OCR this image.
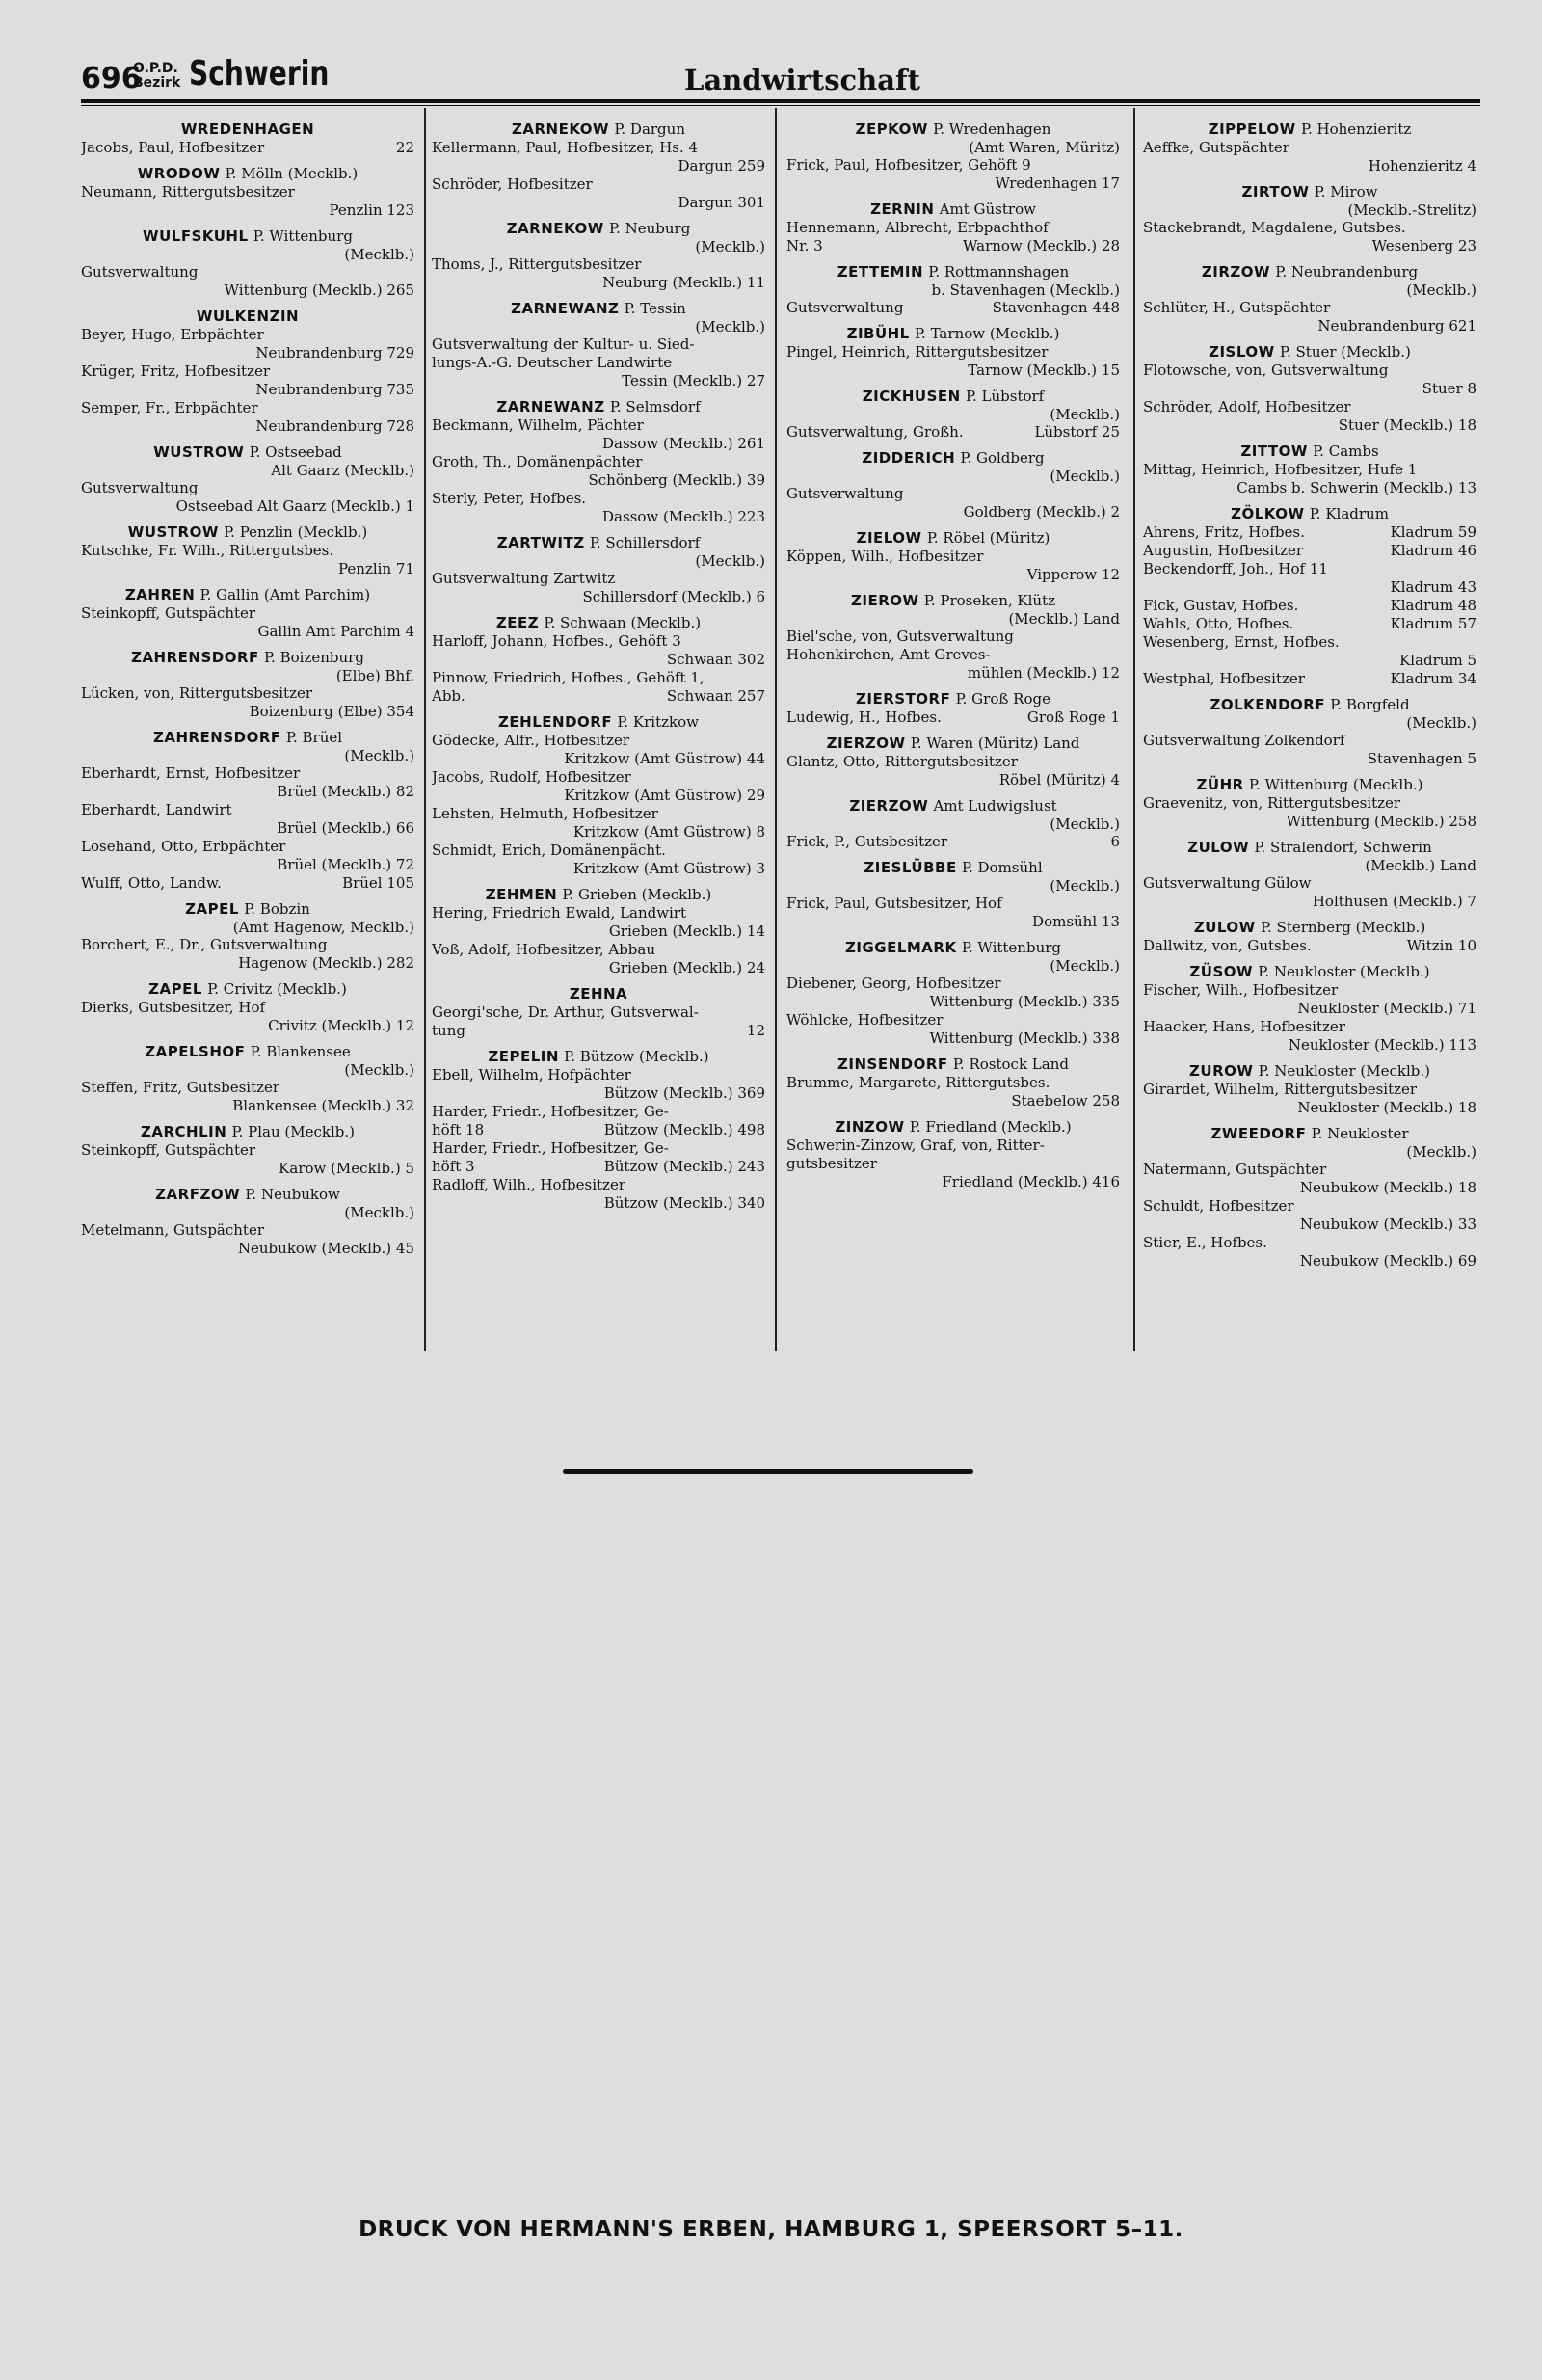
696
O.P.D.
Bezirk Schwerin	Landwirtschaft
WREDENHAGEN
Jacobs, Paul, Hofbesitzer	22
WRODOW P. Mölln (Mecklb.)
Neumann, Rittergutsbesitzer
Penzlin 123
WULFSKUHL P. Wittenburg
(Mecklb.)
Gutsverwaltung
Wittenburg (Mecklb.) 265
WULKENZIN
Beyer, Hugo, Erbpächter
Neubrandenburg 729
Krüger, Fritz, Hofbesitzer
Neubrandenburg 735
Semper, Fr., Erbpächter
Neubrandenburg 728
WUSTROW P. Ostseebad
Alt Gaarz (Mecklb.)
Gutsverwaltung
Ostseebad Alt Gaarz (Mecklb.) 1
WUSTROW P. Penzlin (Mecklb.)
Kutschke, Fr. Wilh., Rittergutsbes.
Penzlin 71
ZAHREN P. Gallin (Amt Parchim)
Steinkopff, Gutspächter
Gallin Amt Parchim 4
ZAHRENSDORF P. Boizenburg
(Elbe) Bhf.
Lücken, von, Rittergutsbesitzer
Boizenburg (Elbe) 354
ZAHRENSDORF P. Brüel
(Mecklb.)
Eberhardt, Ernst, Hofbesitzer
Brüel (Mecklb.) 82
Eberhardt, Landwirt
Brüel (Mecklb.) 66
Losehand, Otto, Erbpächter
Brüel (Mecklb.) 72
Wulff, Otto, Landw.	Brüel 105
ZAPEL P. Bobzin
(Amt Hagenow, Mecklb.)
Borchert, E., Dr., Gutsverwaltung
Hagenow (Mecklb.) 282
ZAPEL P. Crivitz (Mecklb.)
Dierks, Gutsbesitzer, Hof
Crivitz (Mecklb.) 12
ZAPELSHOF P. Blankensee
(Mecklb.)
Steffen, Fritz, Gutsbesitzer
Blankensee (Mecklb.) 32
ZARCHLIN P. Plau (Mecklb.)
Steinkopff, Gutspächter
Karow (Mecklb.) 5
ZARFZOW P. Neubukow
(Mecklb.)
Metelmann, Gutspächter
Neubukow (Mecklb.) 45
ZARNEKOW P. Dargun
Kellermann, Paul, Hofbesitzer, Hs. 4
Dargun 259
Schröder, Hofbesitzer
Dargun 301
ZARNEKOW P. Neuburg
(Mecklb.)
Thoms, J., Rittergutsbesitzer
Neuburg (Mecklb.) 11
ZARNEWANZ P. Tessin
(Mecklb.)
Gutsverwaltung der Kultur- u. Sied-
lungs-A.-G. Deutscher Landwirte
Tessin (Mecklb.) 27
ZARNEWANZ P. Selmsdorf
Beckmann, Wilhelm, Pächter
Dassow (Mecklb.) 261
Groth, Th., Domänenpächter
Schönberg (Mecklb.) 39
Sterly, Peter, Hofbes.
Dassow (Mecklb.) 223
ZARTWITZ P. Schillersdorf
(Mecklb.)
Gutsverwaltung Zartwitz
Schillersdorf (Mecklb.) 6
ZEEZ P. Schwaan (Mecklb.)
Harloff, Johann, Hofbes., Gehöft 3
Schwaan 302
Pinnow, Friedrich, Hofbes., Gehöft 1,
Abb.	Schwaan 257
ZEHLENDORF P. Kritzkow
Gödecke, Alfr., Hofbesitzer
Kritzkow (Amt Güstrow) 44
Jacobs, Rudolf, Hofbesitzer
Kritzkow (Amt Güstrow) 29
Lehsten, Helmuth, Hofbesitzer
Kritzkow (Amt Güstrow) 8
Schmidt, Erich, Domänenpächt.
Kritzkow (Amt Güstrow) 3
ZEHMEN P. Grieben (Mecklb.)
Hering, Friedrich Ewald, Landwirt
Grieben (Mecklb.) 14
Voß, Adolf, Hofbesitzer, Abbau
Grieben (Mecklb.) 24
ZEHNA
Georgi'sche, Dr. Arthur, Gutsverwal-
tung	12
ZEPELIN P. Bützow (Mecklb.)
Ebell, Wilhelm, Hofpächter
Bützow (Mecklb.) 369
Harder, Friedr., Hofbesitzer, Ge-
höft 18	Bützow (Mecklb.) 498
Harder, Friedr., Hofbesitzer, Ge-
höft 3	Bützow (Mecklb.) 243
Radloff, Wilh., Hofbesitzer
Bützow (Mecklb.) 340
ZEPKOW P. Wredenhagen
(Amt Waren, Müritz)
Frick, Paul, Hofbesitzer, Gehöft 9
Wredenhagen 17
ZERNIN Amt Güstrow
Hennemann, Albrecht, Erbpachthof
Nr. 3	Warnow (Mecklb.) 28
ZETTEMIN P. Rottmannshagen
b. Stavenhagen (Mecklb.)
Gutsverwaltung	Stavenhagen 448
ZIBÜHL P. Tarnow (Mecklb.)
Pingel, Heinrich, Rittergutsbesitzer
Tarnow (Mecklb.) 15
ZICKHUSEN P. Lübstorf
(Mecklb.)
Gutsverwaltung, Großh.	Lübstorf 25
ZIDDERICH P. Goldberg
(Mecklb.)
Gutsverwaltung
Goldberg (Mecklb.) 2
ZIELOW P. Röbel (Müritz)
Köppen, Wilh., Hofbesitzer
Vipperow 12
ZIEROW P. Proseken, Klütz
(Mecklb.) Land
Biel'sche, von, Gutsverwaltung
Hohenkirchen, Amt Greves-
mühlen (Mecklb.) 12
ZIERSTORF P. Groß Roge
Ludewig, H., Hofbes.	Groß Roge 1
ZIERZOW P. Waren (Müritz) Land
Glantz, Otto, Rittergutsbesitzer
Röbel (Müritz) 4
ZIERZOW Amt Ludwigslust
(Mecklb.)
Frick, P., Gutsbesitzer	6
ZIESLÜBBE P. Domsühl
(Mecklb.)
Frick, Paul, Gutsbesitzer, Hof
Domsühl 13
ZIGGELMARK P. Wittenburg
(Mecklb.)
Diebener, Georg, Hofbesitzer
Wittenburg (Mecklb.) 335
Wöhlcke, Hofbesitzer
Wittenburg (Mecklb.) 338
ZINSENDORF P. Rostock Land
Brumme, Margarete, Rittergutsbes.
Staebelow 258
ZINZOW P. Friedland (Mecklb.)
Schwerin-Zinzow, Graf, von, Ritter-
gutsbesitzer
Friedland (Mecklb.) 416
ZIPPELOW P. Hohenzieritz
Aeffke, Gutspächter
Hohenzieritz 4
ZIRTOW P. Mirow
(Mecklb.-Strelitz)
Stackebrandt, Magdalene, Gutsbes.
Wesenberg 23
ZIRZOW P. Neubrandenburg
(Mecklb.)
Schlüter, H., Gutspächter
Neubrandenburg 621
ZISLOW P. Stuer (Mecklb.)
Flotowsche, von, Gutsverwaltung
Stuer 8
Schröder, Adolf, Hofbesitzer
Stuer (Mecklb.) 18
ZITTOW P. Cambs
Mittag, Heinrich, Hofbesitzer, Hufe 1
Cambs b. Schwerin (Mecklb.) 13
ZÖLKOW P. Kladrum
Ahrens, Fritz, Hofbes.	Kladrum 59
Augustin, Hofbesitzer	Kladrum 46
Beckendorff, Joh., Hof 11
Kladrum 43
Fick, Gustav, Hofbes.	Kladrum 48
Wahls, Otto, Hofbes.	Kladrum 57
Wesenberg, Ernst, Hofbes.
Kladrum 5
Westphal, Hofbesitzer	Kladrum 34
ZOLKENDORF P. Borgfeld
(Mecklb.)
Gutsverwaltung Zolkendorf
Stavenhagen 5
ZÜHR P. Wittenburg (Mecklb.)
Graevenitz, von, Rittergutsbesitzer
Wittenburg (Mecklb.) 258
ZULOW P. Stralendorf, Schwerin
(Mecklb.) Land
Gutsverwaltung Gülow
Holthusen (Mecklb.) 7
ZULOW P. Sternberg (Mecklb.)
Dallwitz, von, Gutsbes.	Witzin 10
ZÜSOW P. Neukloster (Mecklb.)
Fischer, Wilh., Hofbesitzer
Neukloster (Mecklb.) 71
Haacker, Hans, Hofbesitzer
Neukloster (Mecklb.) 113
ZUROW P. Neukloster (Mecklb.)
Girardet, Wilhelm, Rittergutsbesitzer
Neukloster (Mecklb.) 18
ZWEEDORF P. Neukloster
(Mecklb.)
Natermann, Gutspächter
Neubukow (Mecklb.) 18
Schuldt, Hofbesitzer
Neubukow (Mecklb.) 33
Stier, E., Hofbes.
Neubukow (Mecklb.) 69
DRUCK VON HERMANN'S ERBEN, HAMBURG 1, SPEERSORT 5–11.
